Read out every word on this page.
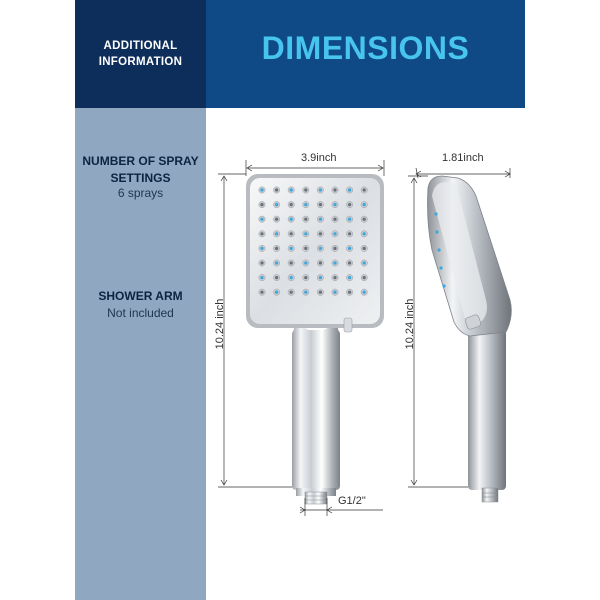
ADDITIONAL
INFORMATION	DIMENSIONS
NUMBER OF SPRAY
SETTINGS
6 sprays
SHOWER ARM
Not included
3.9inch	1.81inch
10.24 inch	10.24 inch
G1/2"
